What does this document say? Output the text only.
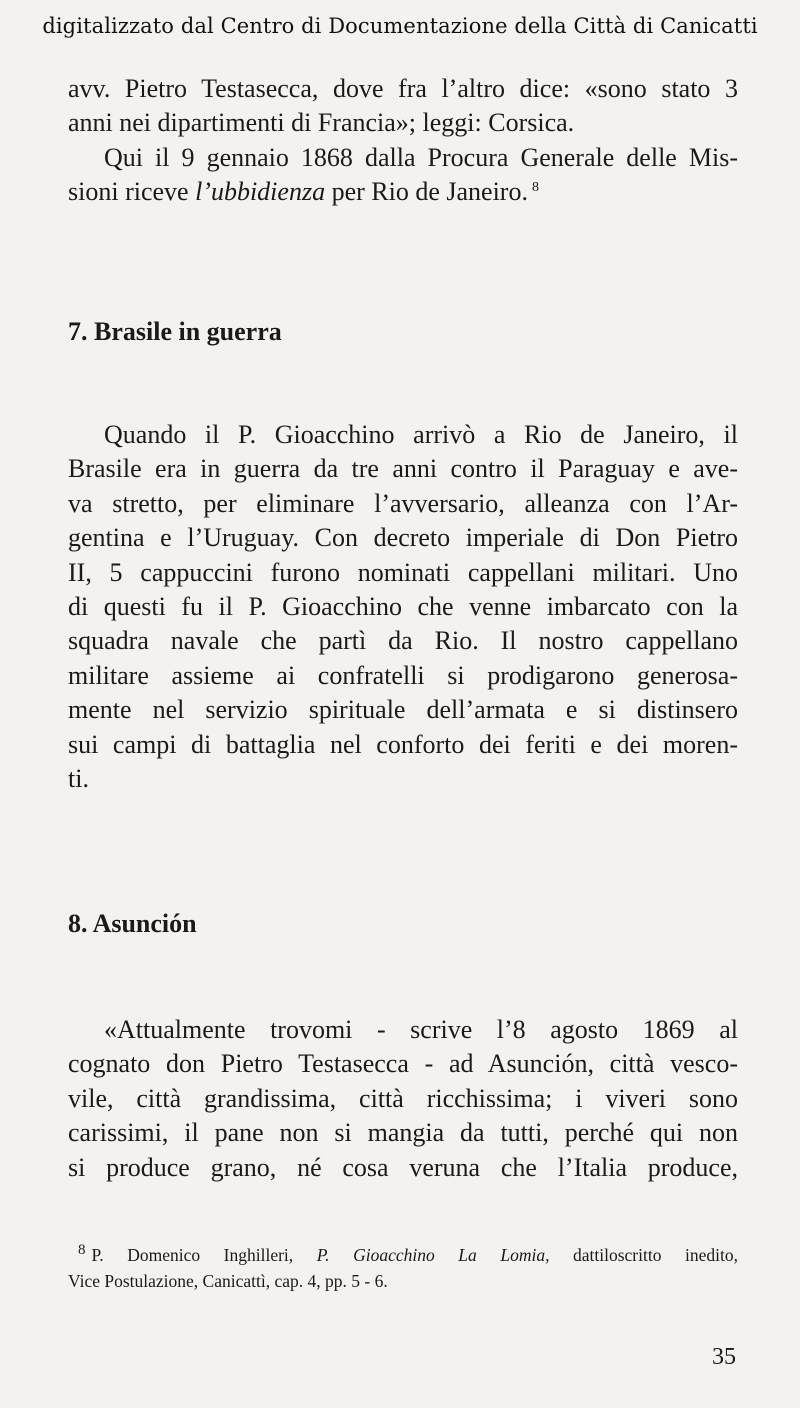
digitalizzato dal Centro di Documentazione della Città di Canicatti
avv. Pietro Testasecca, dove fra l’altro dice: «sono stato 3
anni nei dipartimenti di Francia»; leggi: Corsica.
Qui il 9 gennaio 1868 dalla Procura Generale delle Mis-
sioni riceve l’ubbidienza per Rio de Janeiro. $^8$
7. Brasile in guerra
Quando il P. Gioacchino arrivò a Rio de Janeiro, il
Brasile era in guerra da tre anni contro il Paraguay e ave-
va stretto, per eliminare l’avversario, alleanza con l’Ar-
gentina e l’Uruguay. Con decreto imperiale di Don Pietro
II, 5 cappuccini furono nominati cappellani militari. Uno
di questi fu il P. Gioacchino che venne imbarcato con la
squadra navale che partì da Rio. Il nostro cappellano
militare assieme ai confratelli si prodigarono generosa-
mente nel servizio spirituale dell’armata e si distinsero
sui campi di battaglia nel conforto dei feriti e dei moren-
ti.
8. Asunción
«Attualmente trovomi - scrive l’8 agosto 1869 al
cognato don Pietro Testasecca - ad Asunción, città vesco-
vile, città grandissima, città ricchissima; i viveri sono
carissimi, il pane non si mangia da tutti, perché qui non
si produce grano, né cosa veruna che l’Italia produce,
8 P. Domenico Inghilleri, P. Gioacchino La Lomia, dattiloscritto inedito,
Vice Postulazione, Canicattì, cap. 4, pp. 5 - 6.
35
